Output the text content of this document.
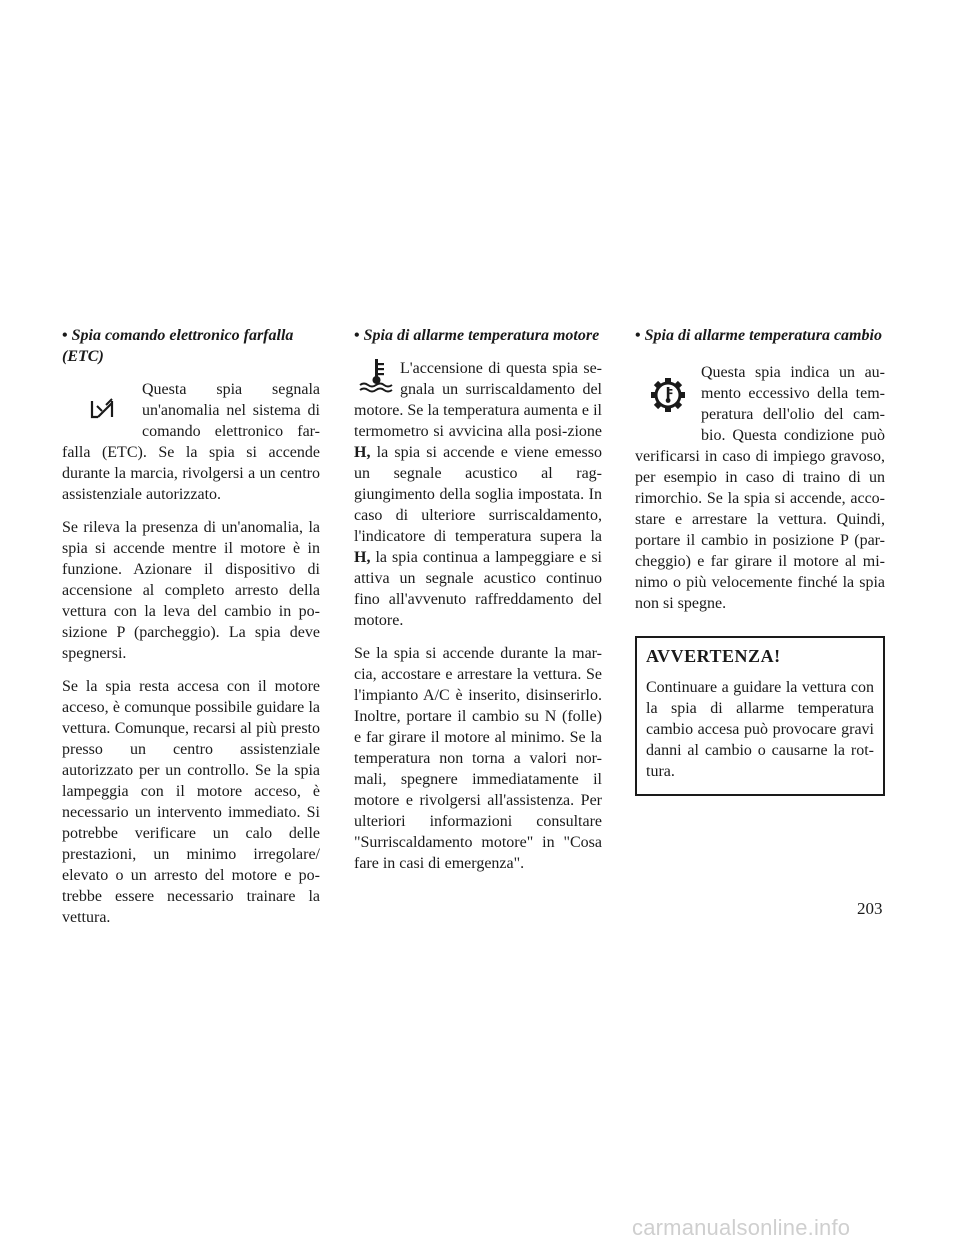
• Spia comando elettronico farfalla (ETC)

Questa spia segnala un'anomalia nel sistema di comando elettronico far-falla (ETC). Se la spia si accende durante la marcia, rivolgersi a un centro assistenziale autorizzato.

Se rileva la presenza di un'anomalia, la spia si accende mentre il motore è in funzione. Azionare il dispositivo di accensione al completo arresto della vettura con la leva del cambio in po-sizione P (parcheggio). La spia deve spegnersi.

Se la spia resta accesa con il motore acceso, è comunque possibile guidare la vettura. Comunque, recarsi al più presto presso un centro assistenziale autorizzato per un controllo. Se la spia lampeggia con il motore acceso, è necessario un intervento immediato. Si potrebbe verificare un calo delle prestazioni, un minimo irregolare/ elevato o un arresto del motore e po-trebbe essere necessario trainare la vettura.

• Spia di allarme temperatura motore

L'accensione di questa spia se-gnala un surriscaldamento del motore. Se la temperatura aumenta e il termometro si avvicina alla posi-zione H, la spia si accende e viene emesso un segnale acustico al rag-giungimento della soglia impostata. In caso di ulteriore surriscaldamento, l'indicatore di temperatura supera la H, la spia continua a lampeggiare e si attiva un segnale acustico continuo fino all'avvenuto raffreddamento del motore.

Se la spia si accende durante la mar-cia, accostare e arrestare la vettura. Se l'impianto A/C è inserito, disinserirlo. Inoltre, portare il cambio su N (folle) e far girare il motore al minimo. Se la temperatura non torna a valori nor-mali, spegnere immediatamente il motore e rivolgersi all'assistenza. Per ulteriori informazioni consultare "Surriscaldamento motore" in "Cosa fare in casi di emergenza".

• Spia di allarme temperatura cambio

Questa spia indica un au-mento eccessivo della tem-peratura dell'olio del cam-bio. Questa condizione può verificarsi in caso di impiego gravoso, per esempio in caso di traino di un rimorchio. Se la spia si accende, acco-stare e arrestare la vettura. Quindi, portare il cambio in posizione P (par-cheggio) e far girare il motore al mi-nimo o più velocemente finché la spia non si spegne.

AVVERTENZA!

Continuare a guidare la vettura con la spia di allarme temperatura cambio accesa può provocare gravi danni al cambio o causarne la rot-tura.

203
carmanualsonline.info
